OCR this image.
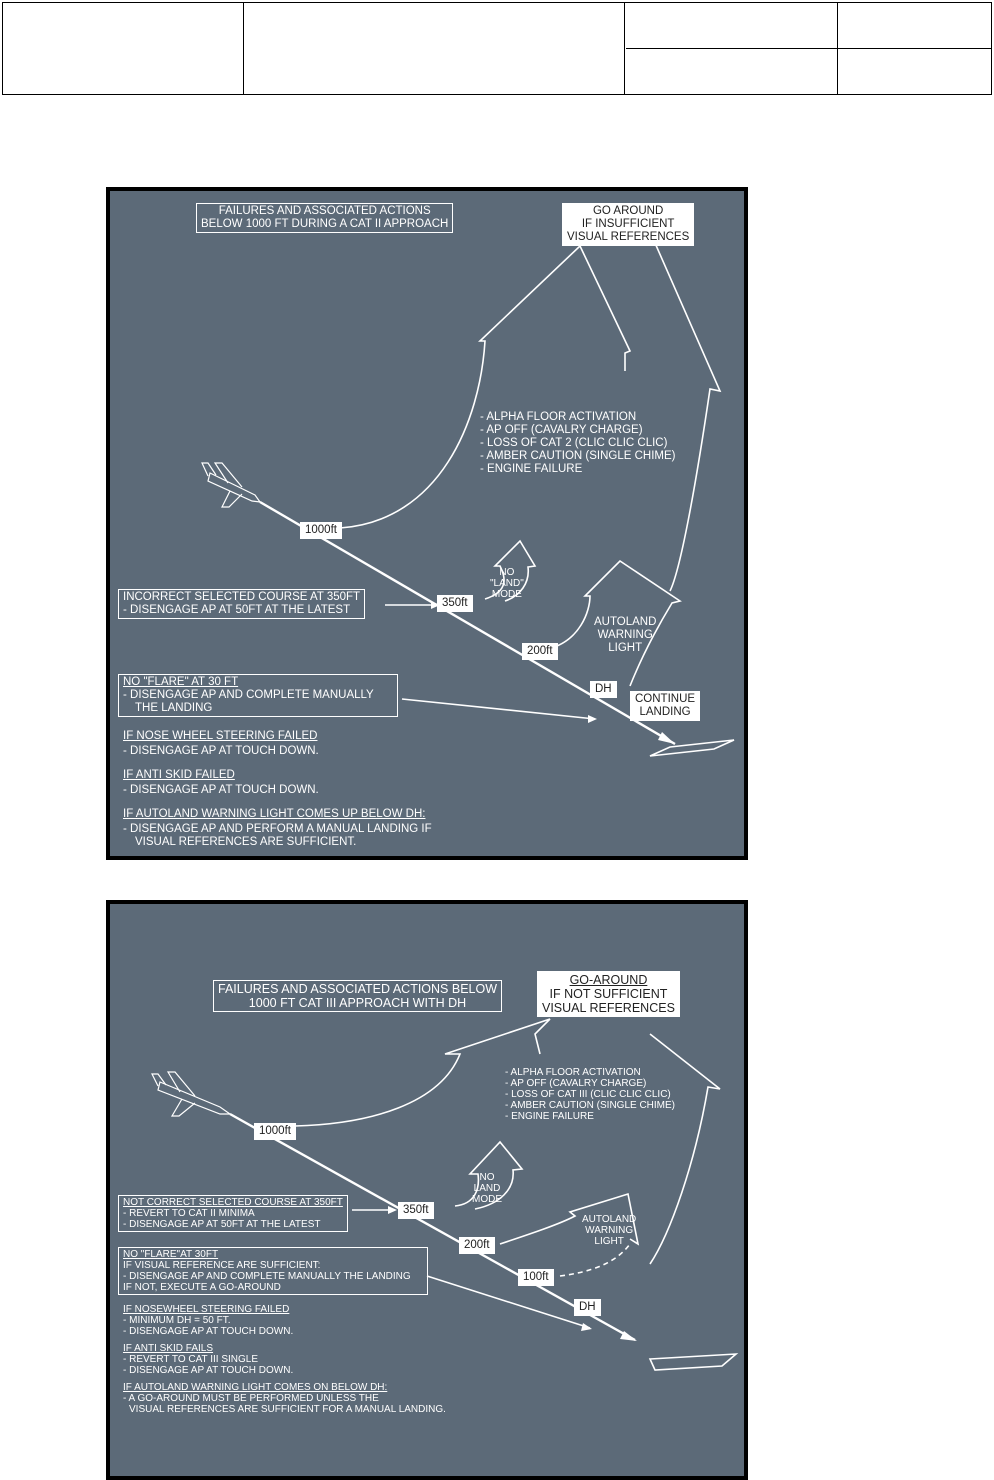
FAILURES AND ASSOCIATED ACTIONS
BELOW 1000 FT DURING A CAT II APPROACH
GO AROUND
IF INSUFFICIENT
VISUAL REFERENCES
- ALPHA FLOOR ACTIVATION
- AP OFF (CAVALRY CHARGE)
- LOSS OF CAT 2 (CLIC CLIC CLIC)
- AMBER CAUTION (SINGLE CHIME)
- ENGINE FAILURE
1000ft
350ft
200ft
DH
NO
"LAND"
MODE
AUTOLAND
WARNING
LIGHT
CONTINUE
LANDING
INCORRECT SELECTED COURSE AT 350FT
- DISENGAGE AP AT 50FT AT THE LATEST
NO "FLARE" AT 30 FT
- DISENGAGE AP AND COMPLETE MANUALLY
THE LANDING
IF NOSE WHEEL STEERING FAILED
- DISENGAGE AP AT TOUCH DOWN.
IF ANTI SKID FAILED
- DISENGAGE AP AT TOUCH DOWN.
IF AUTOLAND WARNING LIGHT COMES UP BELOW DH:
- DISENGAGE AP AND PERFORM A MANUAL LANDING IF
VISUAL REFERENCES ARE SUFFICIENT.
FAILURES AND ASSOCIATED ACTIONS BELOW
1000 FT CAT III APPROACH WITH DH
GO-AROUND
IF NOT SUFFICIENT
VISUAL REFERENCES
- ALPHA FLOOR ACTIVATION
- AP OFF (CAVALRY CHARGE)
- LOSS OF CAT III (CLIC CLIC CLIC)
- AMBER CAUTION (SINGLE CHIME)
- ENGINE FAILURE
1000ft
350ft
200ft
100ft
DH
NO
LAND
MODE
AUTOLAND
WARNING
LIGHT
NOT CORRECT SELECTED COURSE AT 350FT
- REVERT TO CAT II MINIMA
- DISENGAGE AP AT 50FT AT THE LATEST
NO "FLARE"AT 30FT
IF VISUAL REFERENCE ARE SUFFICIENT:
- DISENGAGE AP AND COMPLETE MANUALLY THE LANDING
IF NOT, EXECUTE A GO-AROUND
IF NOSEWHEEL STEERING FAILED
- MINIMUM DH = 50 FT.
- DISENGAGE AP AT TOUCH DOWN.
IF ANTI SKID FAILS
- REVERT TO CAT III SINGLE
- DISENGAGE AP AT TOUCH DOWN.
IF AUTOLAND WARNING LIGHT COMES ON BELOW DH:
- A GO-AROUND MUST BE PERFORMED UNLESS THE
VISUAL REFERENCES ARE SUFFICIENT FOR A MANUAL LANDING.
